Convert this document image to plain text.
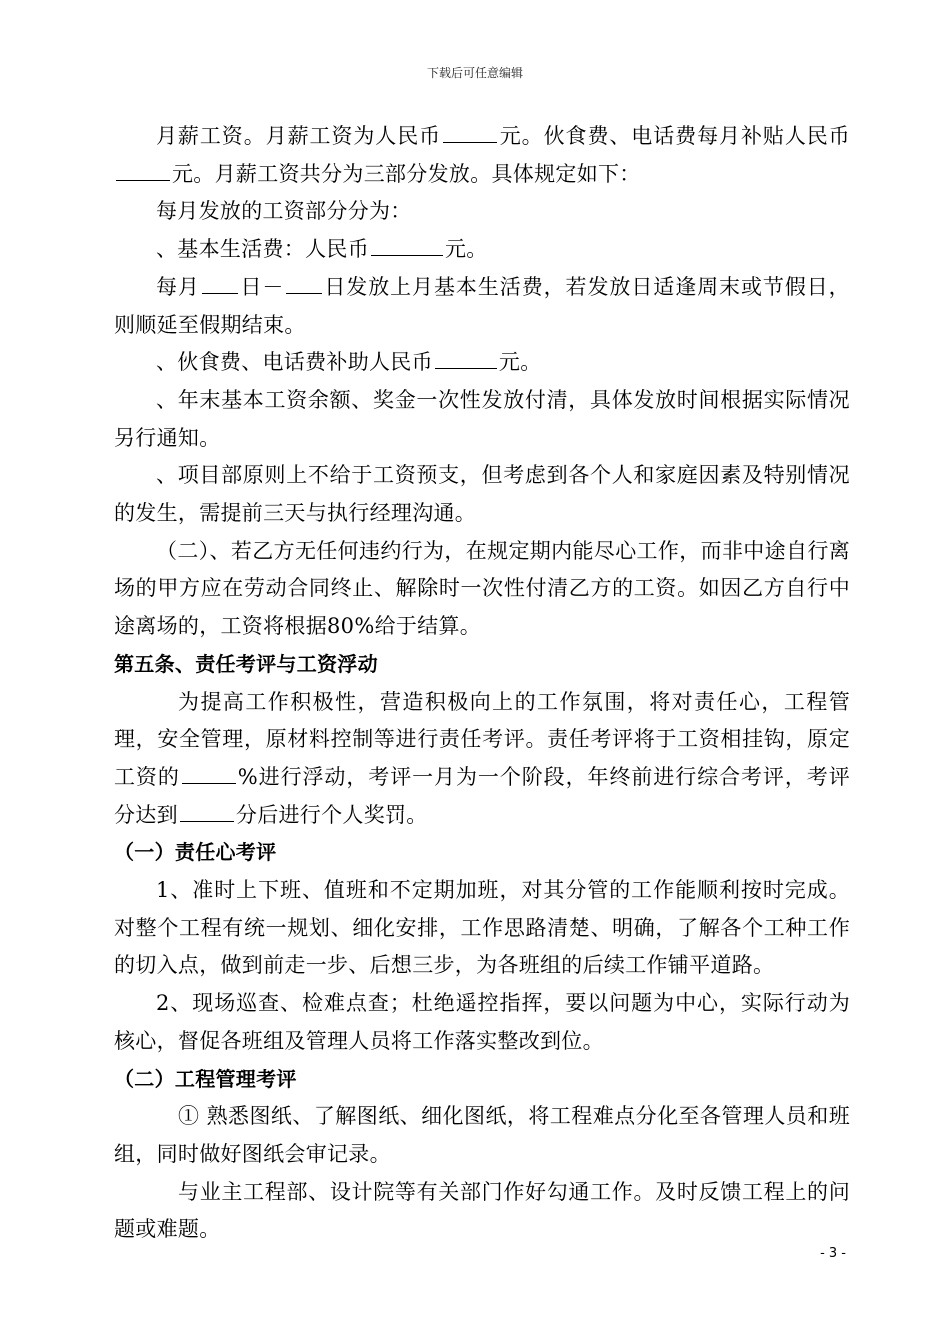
下载后可任意编辑

月薪工资。月薪工资为人民币	元。伙食费、电话费每月补贴人民币元。月薪工资共分为三部分发放。具体规定如下：

每月发放的工资部分分为：

、基本生活费：人民币	元。

每月 日－ 日发放上月基本生活费，若发放日适逢周末或节假日，则顺延至假期结束。

、伙食费、电话费补助人民币	元。

、年末基本工资余额、奖金一次性发放付清，具体发放时间根据实际情况另行通知。

、项目部原则上不给于工资预支，但考虑到各个人和家庭因素及特别情况的发生，需提前三天与执行经理沟通。

（二）、若乙方无任何违约行为，在规定期内能尽心工作，而非中途自行离场的甲方应在劳动合同终止、解除时一次性付清乙方的工资。如因乙方自行中途离场的，工资将根据80%给于结算。

第五条、责任考评与工资浮动

为提高工作积极性，营造积极向上的工作氛围，将对责任心，工程管理，安全管理，原材料控制等进行责任考评。责任考评将于工资相挂钩，原定工资的	%进行浮动，考评一月为一个阶段，年终前进行综合考评，考评分达到	分后进行个人奖罚。

（一）责任心考评

1、准时上下班、值班和不定期加班，对其分管的工作能顺利按时完成。对整个工程有统一规划、细化安排，工作思路清楚、明确，了解各个工种工作的切入点，做到前走一步、后想三步，为各班组的后续工作铺平道路。

2、现场巡查、检难点查；杜绝遥控指挥，要以问题为中心，实际行动为核心，督促各班组及管理人员将工作落实整改到位。

（二）工程管理考评

① 熟悉图纸、了解图纸、细化图纸，将工程难点分化至各管理人员和班组，同时做好图纸会审记录。

与业主工程部、设计院等有关部门作好勾通工作。及时反馈工程上的问题或难题。

- 3 -
